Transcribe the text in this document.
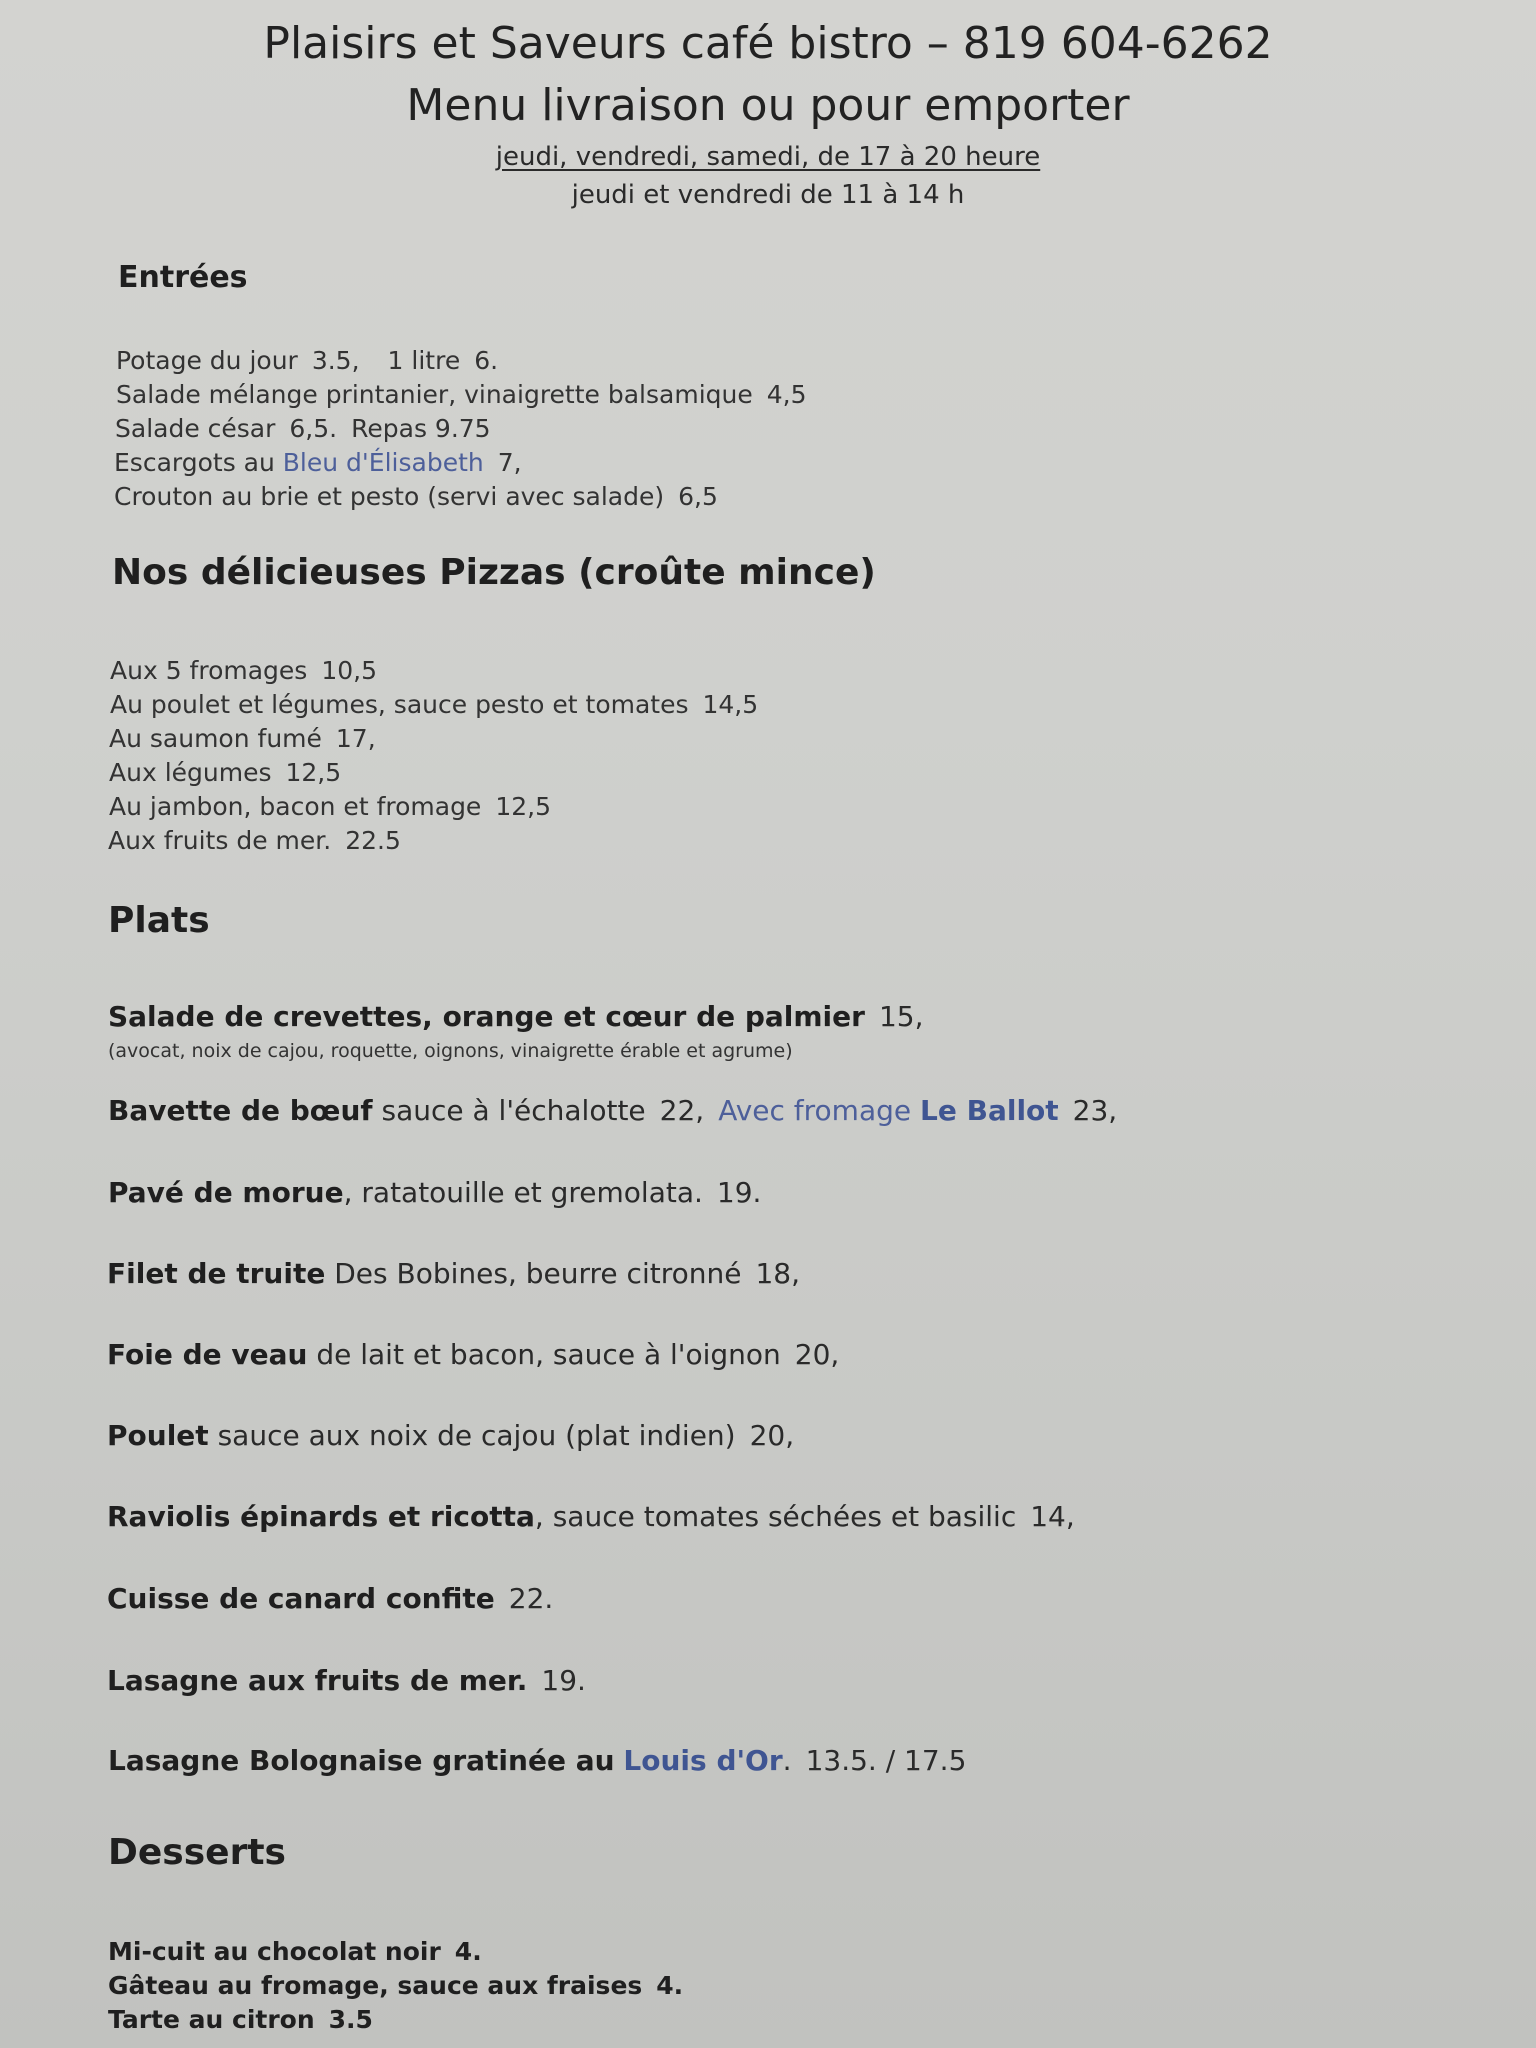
Plaisirs et Saveurs café bistro – 819 604-6262
Menu livraison ou pour emporter
jeudi, vendredi, samedi, de 17 à 20 heure
jeudi et vendredi de 11 à 14 h
Entrées
Potage du jour 3.5, 1 litre 6.
Salade mélange printanier, vinaigrette balsamique 4,5
Salade césar 6,5. Repas 9.75
Escargots au Bleu d'Élisabeth 7,
Crouton au brie et pesto (servi avec salade) 6,5
Nos délicieuses Pizzas (croûte mince)
Aux 5 fromages 10,5
Au poulet et légumes, sauce pesto et tomates 14,5
Au saumon fumé 17,
Aux légumes 12,5
Au jambon, bacon et fromage 12,5
Aux fruits de mer. 22.5
Plats
Salade de crevettes, orange et cœur de palmier 15,
(avocat, noix de cajou, roquette, oignons, vinaigrette érable et agrume)
Bavette de bœuf sauce à l'échalotte 22, Avec fromage Le Ballot 23,
Pavé de morue, ratatouille et gremolata. 19.
Filet de truite Des Bobines, beurre citronné 18,
Foie de veau de lait et bacon, sauce à l'oignon 20,
Poulet sauce aux noix de cajou (plat indien) 20,
Raviolis épinards et ricotta, sauce tomates séchées et basilic 14,
Cuisse de canard confite 22.
Lasagne aux fruits de mer. 19.
Lasagne Bolognaise gratinée au Louis d'Or. 13.5. / 17.5
Desserts
Mi-cuit au chocolat noir 4.
Gâteau au fromage, sauce aux fraises 4.
Tarte au citron 3.5
